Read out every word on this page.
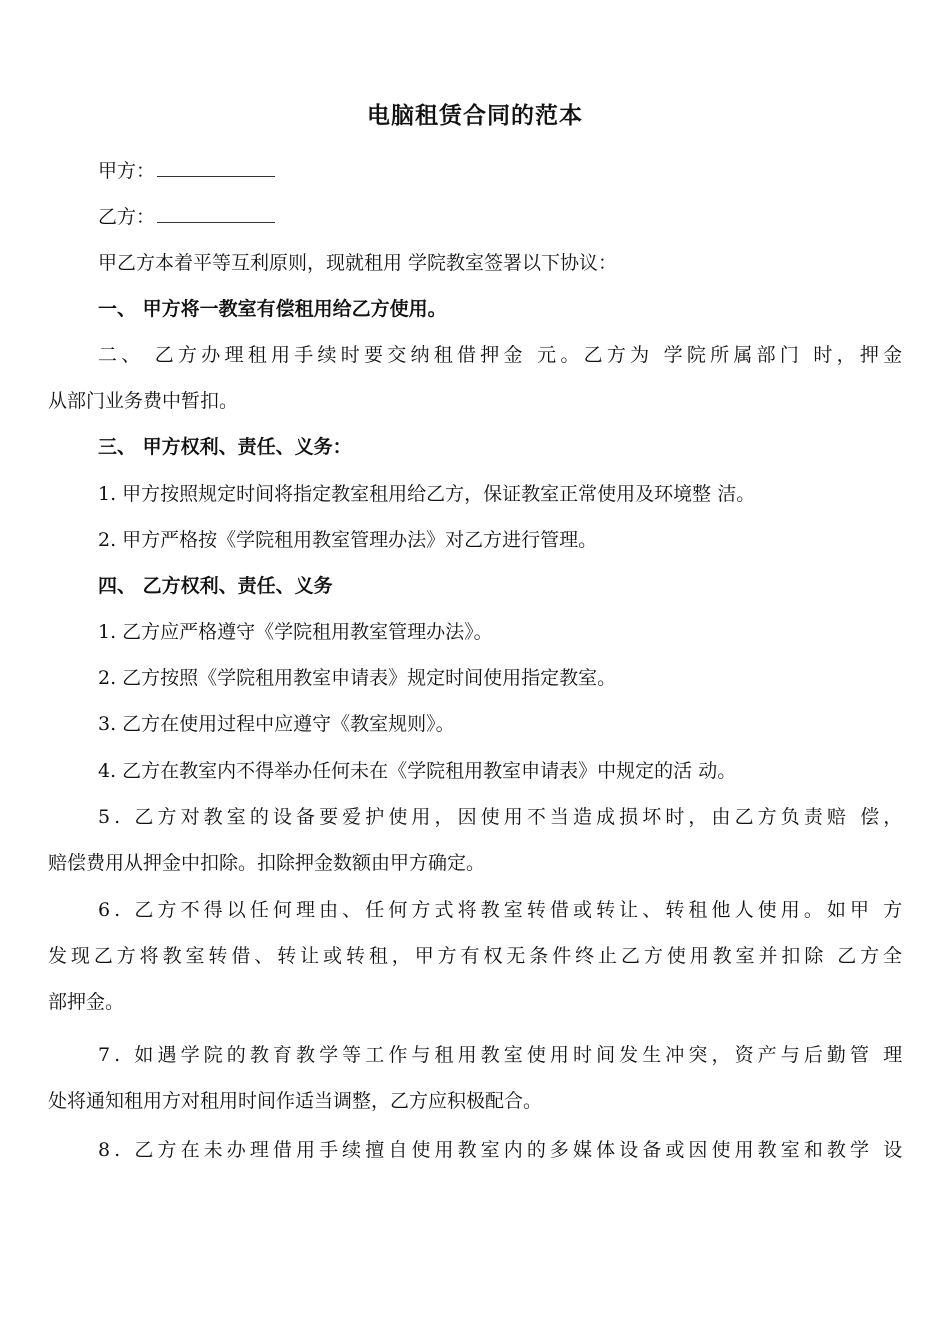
电脑租赁合同的范本
甲方：
乙方：
甲乙方本着平等互利原则，现就租用 学院教室签署以下协议：
一、 甲方将一教室有偿租用给乙方使用。
二、 乙方办理租用手续时要交纳租借押金 元。乙方为 学院所属部门 时，押金
从部门业务费中暂扣。
三、 甲方权利、责任、义务：
1. 甲方按照规定时间将指定教室租用给乙方，保证教室正常使用及环境整 洁。
2. 甲方严格按《学院租用教室管理办法》对乙方进行管理。
四、 乙方权利、责任、义务
1. 乙方应严格遵守《学院租用教室管理办法》。
2. 乙方按照《学院租用教室申请表》规定时间使用指定教室。
3. 乙方在使用过程中应遵守《教室规则》。
4. 乙方在教室内不得举办任何未在《学院租用教室申请表》中规定的活 动。
5. 乙方对教室的设备要爱护使用，因使用不当造成损坏时，由乙方负责赔 偿，
赔偿费用从押金中扣除。扣除押金数额由甲方确定。
6. 乙方不得以任何理由、任何方式将教室转借或转让、转租他人使用。如甲 方
发现乙方将教室转借、转让或转租，甲方有权无条件终止乙方使用教室并扣除 乙方全
部押金。
7. 如遇学院的教育教学等工作与租用教室使用时间发生冲突，资产与后勤管 理
处将通知租用方对租用时间作适当调整，乙方应积极配合。
8. 乙方在未办理借用手续擅自使用教室内的多媒体设备或因使用教室和教学 设
